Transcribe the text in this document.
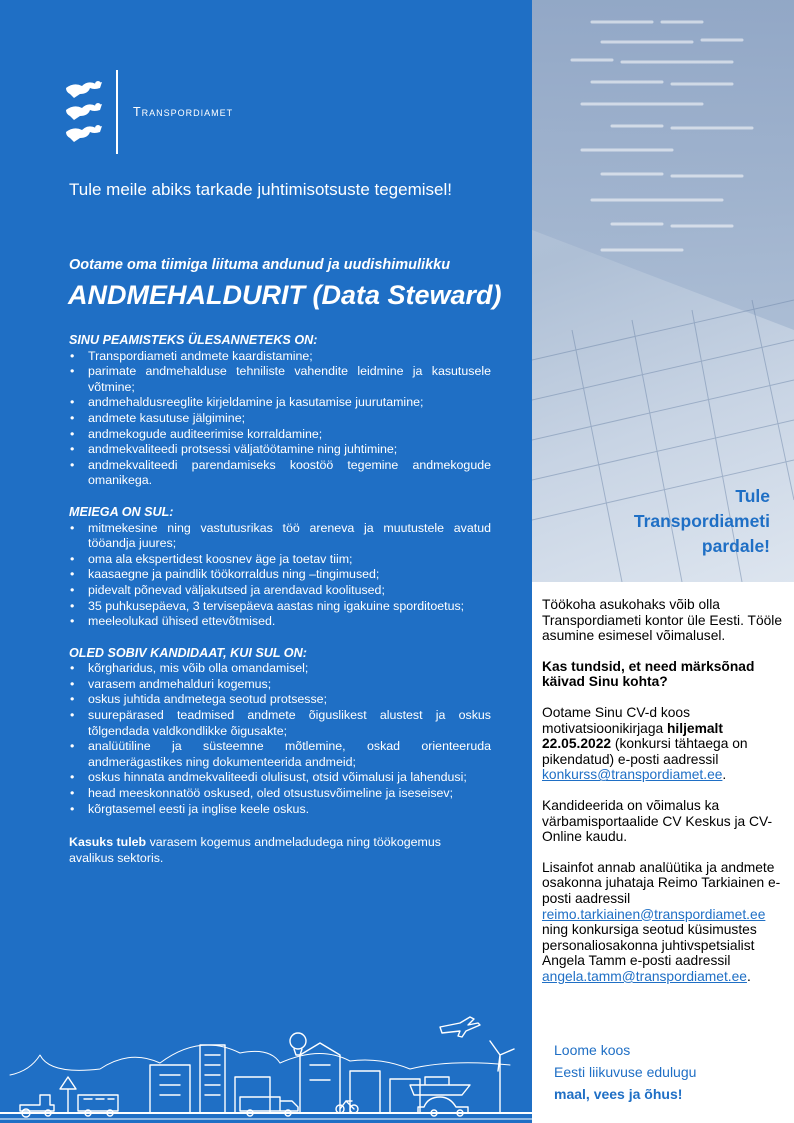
Transpordiamet
Tule meile abiks tarkade juhtimisotsuste tegemisel!
Ootame oma tiimiga liituma andunud ja uudishimulikku
ANDMEHALDURIT (Data Steward)
SINU PEAMISTEKS ÜLESANNETEKS ON:
• Transpordiameti andmete kaardistamine;
• parimate andmehalduse tehniliste vahendite leidmine ja kasutusele võtmine;
• andmehaldusreeglite kirjeldamine ja kasutamise juurutamine;
• andmete kasutuse jälgimine;
• andmekogude auditeerimise korraldamine;
• andmekvaliteedi protsessi väljatöötamine ning juhtimine;
• andmekvaliteedi parendamiseks koostöö tegemine andmekogude omanikega.
MEIEGA ON SUL:
• mitmekesine ning vastutusrikas töö areneva ja muutustele avatud tööandja juures;
• oma ala ekspertidest koosnev äge ja toetav tiim;
• kaasaegne ja paindlik töökorraldus ning –tingimused;
• pidevalt põnevad väljakutsed ja arendavad koolitused;
• 35 puhkusepäeva, 3 tervisepäeva aastas ning igakuine sporditoetus;
• meeleolukad ühised ettevõtmised.
OLED SOBIV KANDIDAAT, KUI SUL ON:
• kõrgharidus, mis võib olla omandamisel;
• varasem andmehalduri kogemus;
• oskus juhtida andmetega seotud protsesse;
• suurepärased teadmised andmete õiguslikest alustest ja oskus tõlgendada valdkondlikke õigusakte;
• analüütiline ja süsteemne mõtlemine, oskad orienteeruda andmerägastikes ning dokumenteerida andmeid;
• oskus hinnata andmekvaliteedi olulisust, otsid võimalusi ja lahendusi;
• head meeskonnatöö oskused, oled otsustusvõimeline ja iseseisev;
• kõrgtasemel eesti ja inglise keele oskus.
Kasuks tuleb varasem kogemus andmeladudega ning töökogemus avalikus sektoris.
Tule
Transpordiameti
pardale!

Töökoha asukohaks võib olla Transpordiameti kontor üle Eesti. Tööle asumine esimesel võimalusel.

Kas tundsid, et need märksõnad käivad Sinu kohta?

Ootame Sinu CV-d koos motivatsioonikirjaga hiljemalt 22.05.2022 (konkursi tähtaega on pikendatud) e-posti aadressil konkurss@transpordiamet.ee.

Kandideerida on võimalus ka värbamisportaalide CV Keskus ja CV-Online kaudu.

Lisainfot annab analüütika ja andmete osakonna juhataja Reimo Tarkiainen e-posti aadressil reimo.tarkiainen@transpordiamet.ee ning konkursiga seotud küsimustes personaliosakonna juhtivspetsialist Angela Tamm e-posti aadressil angela.tamm@transpordiamet.ee.

Loome koos
Eesti liikuvuse edulugu
maal, vees ja õhus!
